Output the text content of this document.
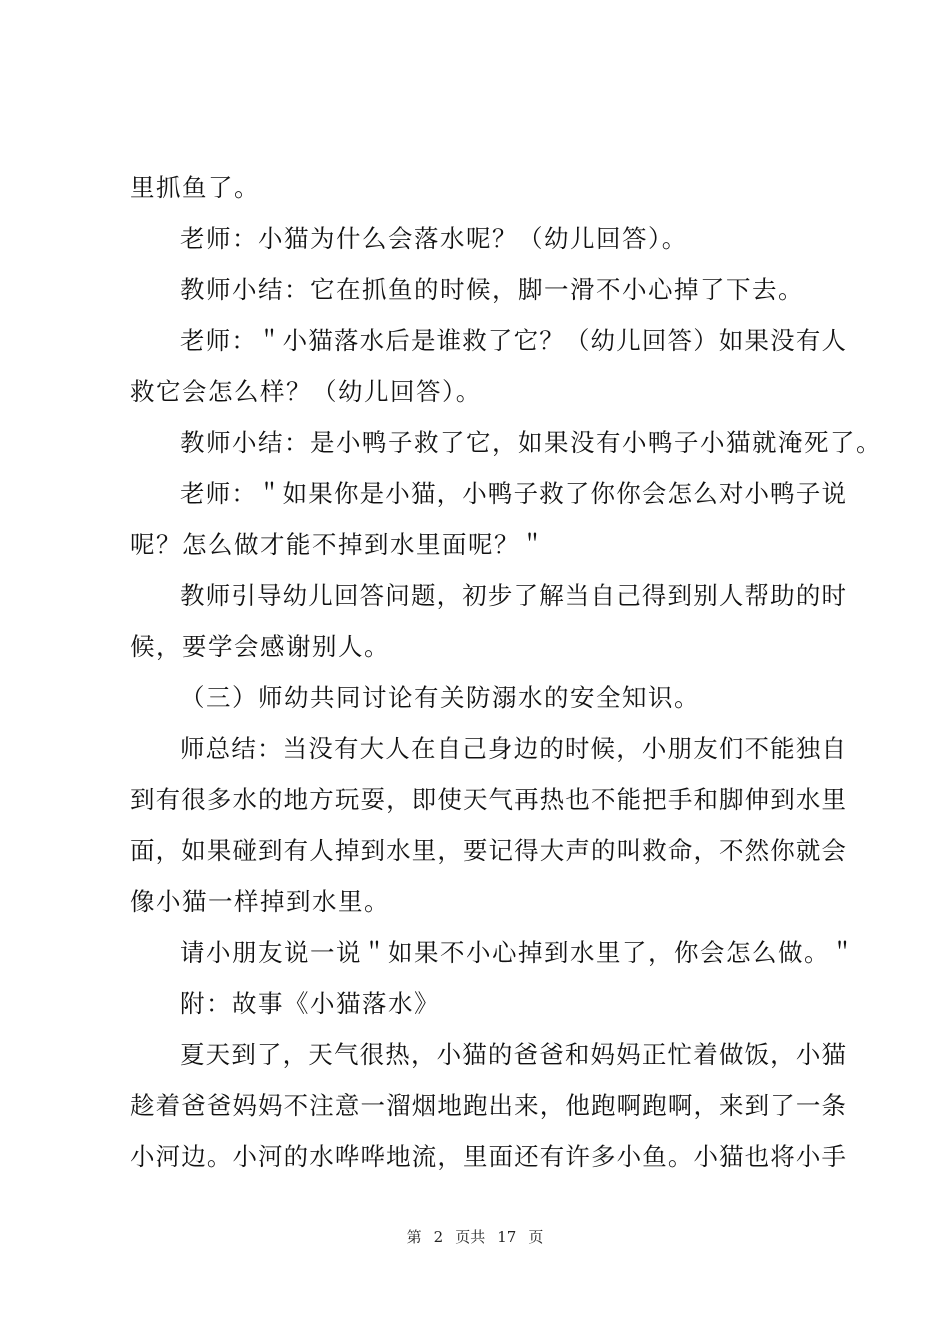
里抓鱼了。
老师：小猫为什么会落水呢？（幼儿回答）。
教师小结：它在抓鱼的时候，脚一滑不小心掉了下去。
老师：＂小猫落水后是谁救了它？（幼儿回答）如果没有人
救它会怎么样？（幼儿回答）。
教师小结：是小鸭子救了它，如果没有小鸭子小猫就淹死了。
老师：＂如果你是小猫，小鸭子救了你你会怎么对小鸭子说
呢？怎么做才能不掉到水里面呢？＂
教师引导幼儿回答问题，初步了解当自己得到别人帮助的时
候，要学会感谢别人。
（三）师幼共同讨论有关防溺水的安全知识。
师总结：当没有大人在自己身边的时候，小朋友们不能独自
到有很多水的地方玩耍，即使天气再热也不能把手和脚伸到水里
面，如果碰到有人掉到水里，要记得大声的叫救命，不然你就会
像小猫一样掉到水里。
请小朋友说一说＂如果不小心掉到水里了，你会怎么做。＂
附：故事《小猫落水》
夏天到了，天气很热，小猫的爸爸和妈妈正忙着做饭，小猫
趁着爸爸妈妈不注意一溜烟地跑出来，他跑啊跑啊，来到了一条
小河边。小河的水哗哗地流，里面还有许多小鱼。小猫也将小手
第 2 页共 17 页
